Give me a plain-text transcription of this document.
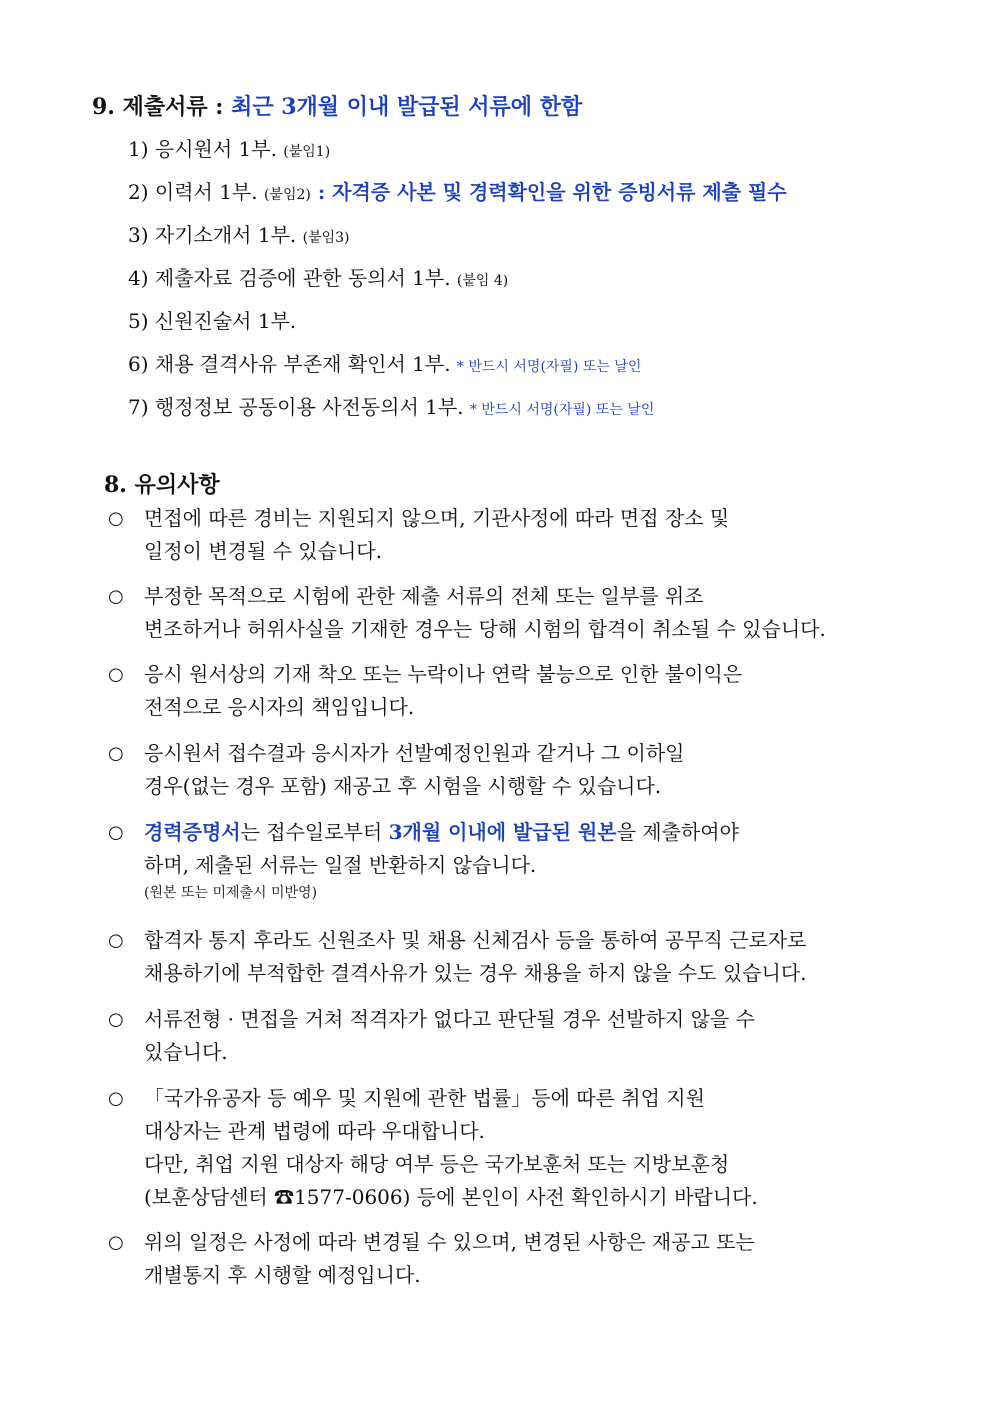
9. 제출서류 : 최근 3개월 이내 발급된 서류에 한함
1) 응시원서 1부. (붙임1)
2) 이력서 1부. (붙임2) : 자격증 사본 및 경력확인을 위한 증빙서류 제출 필수
3) 자기소개서 1부. (붙임3)
4) 제출자료 검증에 관한 동의서 1부. (붙임 4)
5) 신원진술서 1부.
6) 채용 결격사유 부존재 확인서 1부. * 반드시 서명(자필) 또는 날인
7) 행정정보 공동이용 사전동의서 1부. * 반드시 서명(자필) 또는 날인
8. 유의사항
○ 면접에 따른 경비는 지원되지 않으며, 기관사정에 따라 면접 장소 및
일정이 변경될 수 있습니다.
○ 부정한 목적으로 시험에 관한 제출 서류의 전체 또는 일부를 위조
변조하거나 허위사실을 기재한 경우는 당해 시험의 합격이 취소될 수 있습니다.
○ 응시 원서상의 기재 착오 또는 누락이나 연락 불능으로 인한 불이익은
전적으로 응시자의 책임입니다.
○ 응시원서 접수결과 응시자가 선발예정인원과 같거나 그 이하일
경우(없는 경우 포함) 재공고 후 시험을 시행할 수 있습니다.
○ 경력증명서는 접수일로부터 3개월 이내에 발급된 원본을 제출하여야
하며, 제출된 서류는 일절 반환하지 않습니다.
(원본 또는 미제출시 미반영)
○ 합격자 통지 후라도 신원조사 및 채용 신체검사 등을 통하여 공무직 근로자로
채용하기에 부적합한 결격사유가 있는 경우 채용을 하지 않을 수도 있습니다.
○ 서류전형 · 면접을 거쳐 적격자가 없다고 판단될 경우 선발하지 않을 수
있습니다.
○ 「국가유공자 등 예우 및 지원에 관한 법률」등에 따른 취업 지원
대상자는 관계 법령에 따라 우대합니다.
다만, 취업 지원 대상자 해당 여부 등은 국가보훈처 또는 지방보훈청
(보훈상담센터 ☎1577-0606) 등에 본인이 사전 확인하시기 바랍니다.
○ 위의 일정은 사정에 따라 변경될 수 있으며, 변경된 사항은 재공고 또는
개별통지 후 시행할 예정입니다.
